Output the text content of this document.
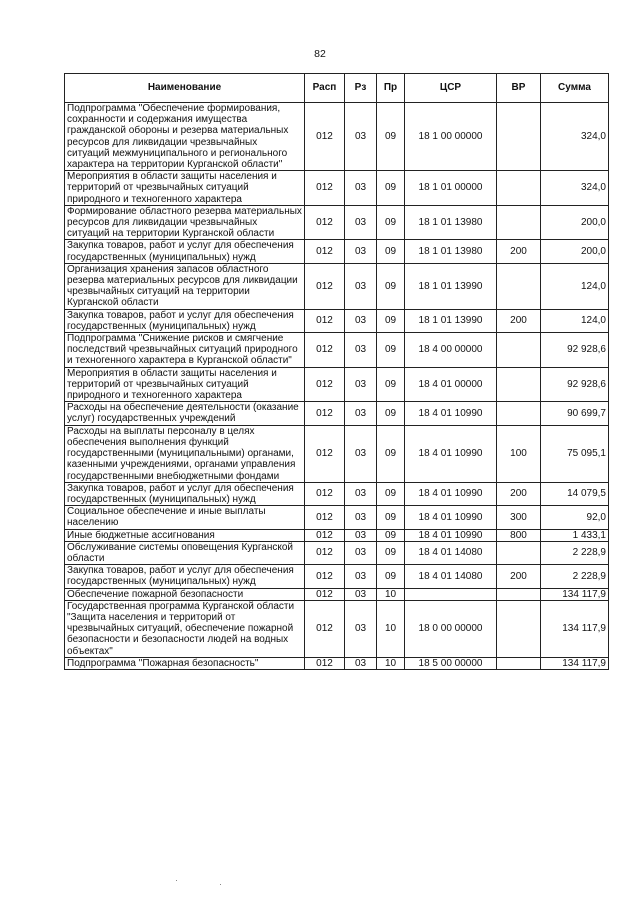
82
Наименование	Расп	Рз	Пр	ЦСР	ВР	Сумма
Подпрограмма "Обеспечение формирования, сохранности и содержания имущества гражданской обороны и резерва материальных ресурсов для ликвидации чрезвычайных ситуаций межмуниципального и регионального характера на территории Курганской области"	012	03	09	18 1 00 00000		324,0
Мероприятия в области защиты населения и территорий от чрезвычайных ситуаций природного и техногенного характера	012	03	09	18 1 01 00000		324,0
Формирование областного резерва материальных ресурсов для ликвидации чрезвычайных ситуаций на территории Курганской области	012	03	09	18 1 01 13980		200,0
Закупка товаров, работ и услуг для обеспечения государственных (муниципальных) нужд	012	03	09	18 1 01 13980	200	200,0
Организация хранения запасов областного резерва материальных ресурсов для ликвидации чрезвычайных ситуаций на территории Курганской области	012	03	09	18 1 01 13990		124,0
Закупка товаров, работ и услуг для обеспечения государственных (муниципальных) нужд	012	03	09	18 1 01 13990	200	124,0
Подпрограмма "Снижение рисков и смягчение последствий чрезвычайных ситуаций природного и техногенного характера в Курганской области"	012	03	09	18 4 00 00000		92 928,6
Мероприятия в области защиты населения и территорий от чрезвычайных ситуаций природного и техногенного характера	012	03	09	18 4 01 00000		92 928,6
Расходы на обеспечение деятельности (оказание услуг) государственных учреждений	012	03	09	18 4 01 10990		90 699,7
Расходы на выплаты персоналу в целях обеспечения выполнения функций государственными (муниципальными) органами, казенными учреждениями, органами управления государственными внебюджетными фондами	012	03	09	18 4 01 10990	100	75 095,1
Закупка товаров, работ и услуг для обеспечения государственных (муниципальных) нужд	012	03	09	18 4 01 10990	200	14 079,5
Социальное обеспечение и иные выплаты населению	012	03	09	18 4 01 10990	300	92,0
Иные бюджетные ассигнования	012	03	09	18 4 01 10990	800	1 433,1
Обслуживание системы оповещения Курганской области	012	03	09	18 4 01 14080		2 228,9
Закупка товаров, работ и услуг для обеспечения государственных (муниципальных) нужд	012	03	09	18 4 01 14080	200	2 228,9
Обеспечение пожарной безопасности	012	03	10			134 117,9
Государственная программа Курганской области "Защита населения и территорий от чрезвычайных ситуаций, обеспечение пожарной безопасности и безопасности людей на водных объектах"	012	03	10	18 0 00 00000		134 117,9
Подпрограмма "Пожарная безопасность"	012	03	10	18 5 00 00000		134 117,9
